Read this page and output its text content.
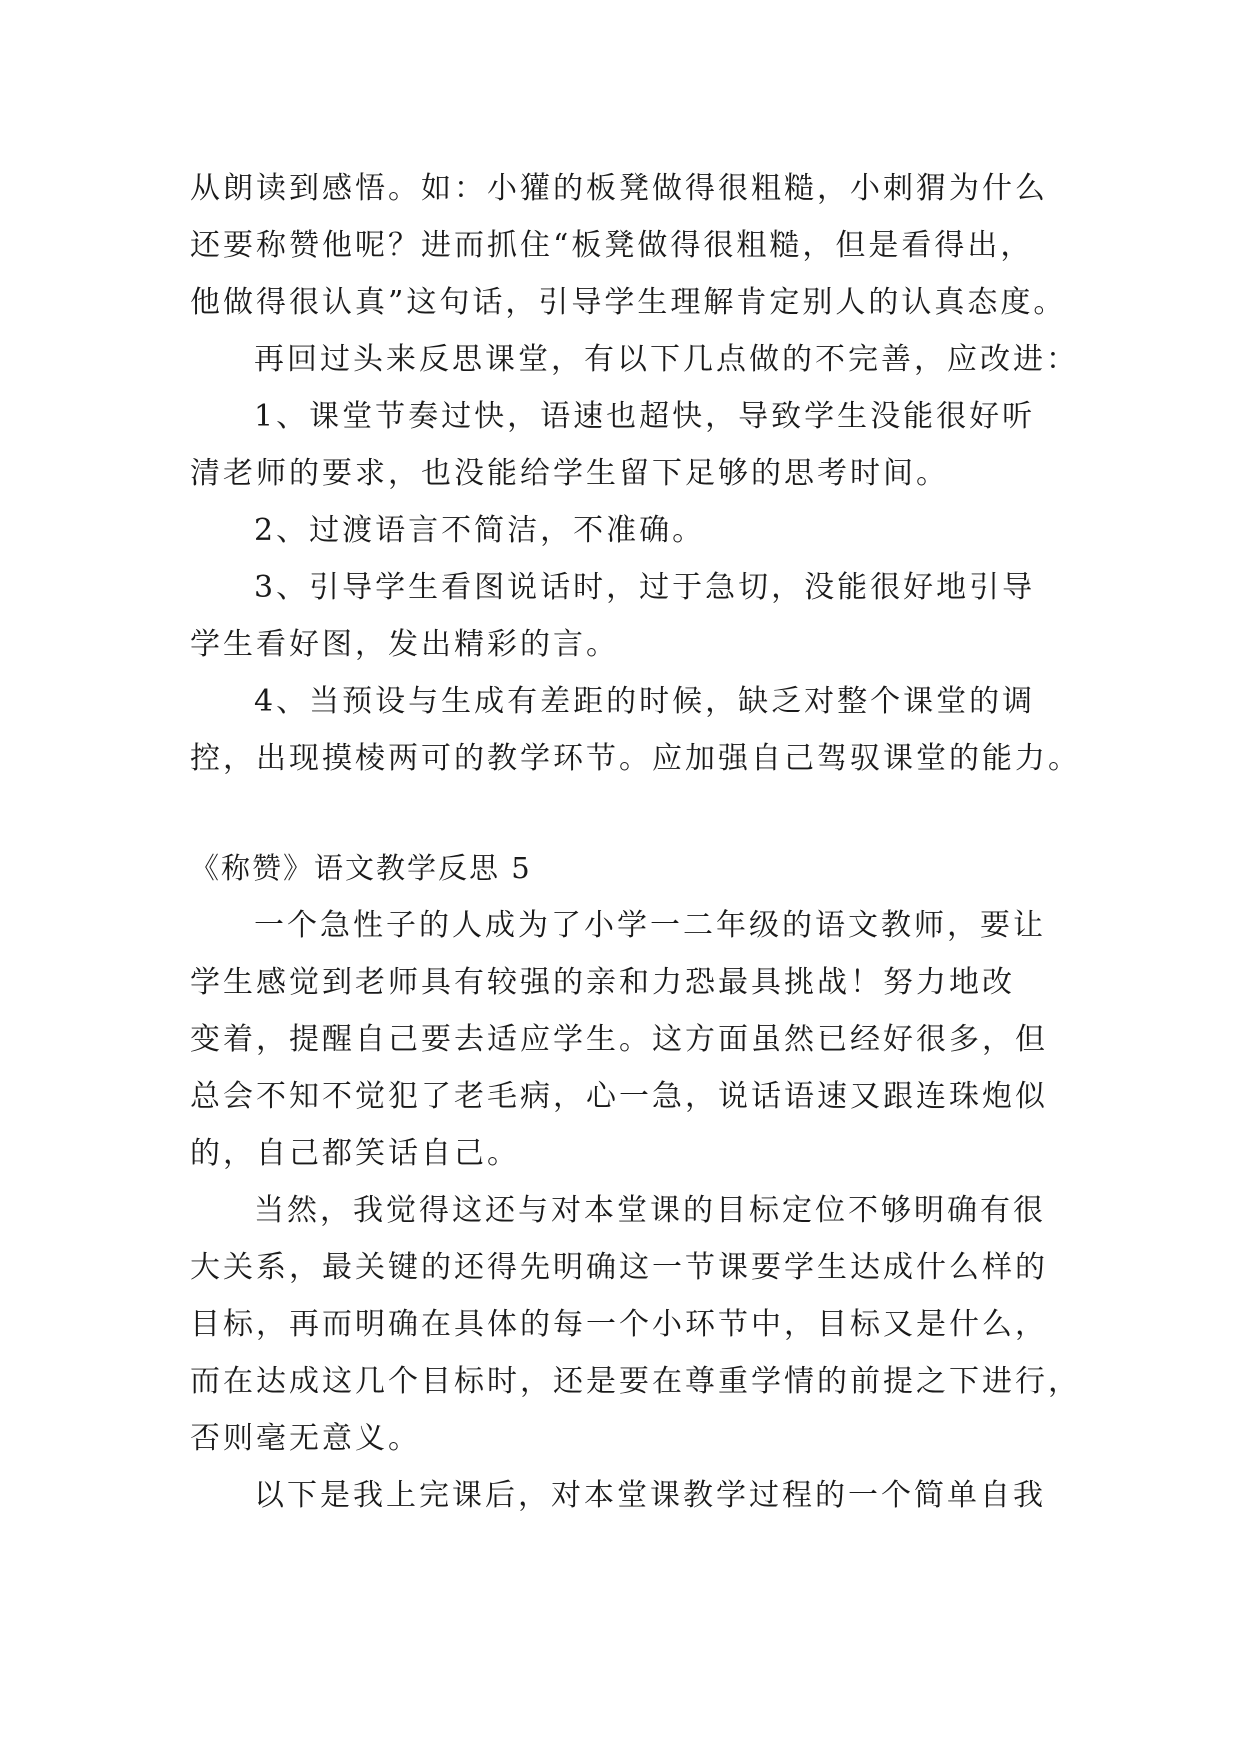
从朗读到感悟。如：小獾的板凳做得很粗糙，小刺猬为什么
还要称赞他呢？进而抓住“板凳做得很粗糙，但是看得出，
他做得很认真”这句话，引导学生理解肯定别人的认真态度。
再回过头来反思课堂，有以下几点做的不完善，应改进：
1、课堂节奏过快，语速也超快，导致学生没能很好听
清老师的要求，也没能给学生留下足够的思考时间。
2、过渡语言不简洁，不准确。
3、引导学生看图说话时，过于急切，没能很好地引导
学生看好图，发出精彩的言。
4、当预设与生成有差距的时候，缺乏对整个课堂的调
控，出现摸棱两可的教学环节。应加强自己驾驭课堂的能力。
《称赞》语文教学反思 5
一个急性子的人成为了小学一二年级的语文教师，要让
学生感觉到老师具有较强的亲和力恐最具挑战！努力地改
变着，提醒自己要去适应学生。这方面虽然已经好很多，但
总会不知不觉犯了老毛病，心一急，说话语速又跟连珠炮似
的，自己都笑话自己。
当然，我觉得这还与对本堂课的目标定位不够明确有很
大关系，最关键的还得先明确这一节课要学生达成什么样的
目标，再而明确在具体的每一个小环节中，目标又是什么，
而在达成这几个目标时，还是要在尊重学情的前提之下进行，
否则毫无意义。
以下是我上完课后，对本堂课教学过程的一个简单自我
